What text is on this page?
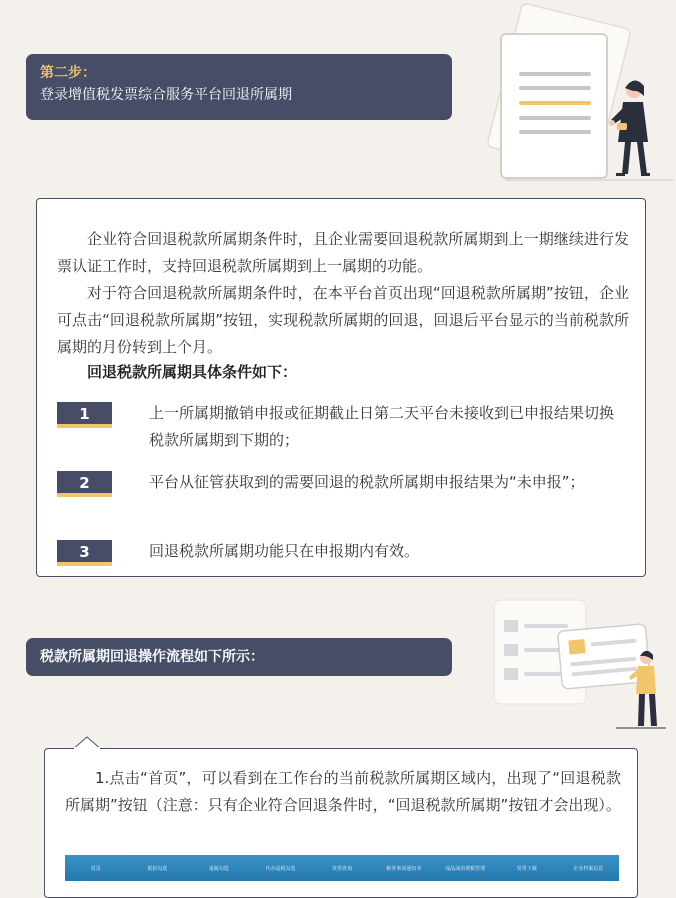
第二步：
登录增值税发票综合服务平台回退所属期

企业符合回退税款所属期条件时，且企业需要回退税款所属期到上一期继续进行发票认证工作时，支持回退税款所属期到上一属期的功能。

对于符合回退税款所属期条件时，在本平台首页出现“回退税款所属期”按钮，企业可点击“回退税款所属期”按钮，实现税款所属期的回退，回退后平台显示的当前税款所属期的月份转到上个月。

回退税款所属期具体条件如下：

1	上一所属期撤销申报或征期截止日第二天平台未接收到已申报结果切换税款所属期到下期的；

2	平台从征管获取到的需要回退的税款所属期申报结果为“未申报”；

3	回退税款所属期功能只在申报期内有效。

税款所属期回退操作流程如下所示：

1.点击“首页”，可以看到在工作台的当前税款所属期区域内，出现了“回退税款所属期”按钮（注意：只有企业符合回退条件时，“回退税款所属期”按钮才会出现）。

首页	抵扣勾选	退税勾选	代办退税勾选	发票查询	税务事项通知书	成品油消费税管理	发票下载	企业档案信息
